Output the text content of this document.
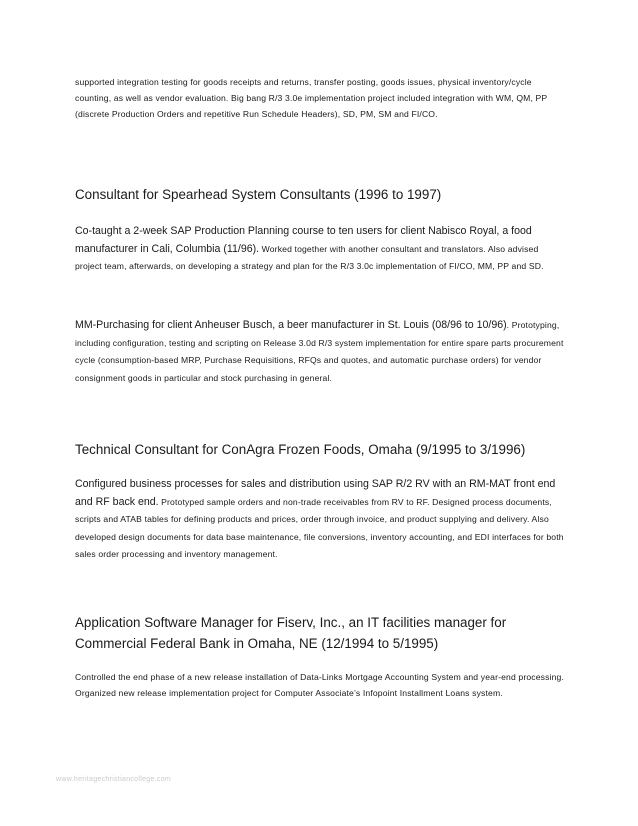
supported integration testing for goods receipts and returns, transfer posting, goods issues, physical inventory/cycle counting, as well as vendor evaluation. Big bang R/3 3.0e implementation project included integration with WM, QM, PP (discrete Production Orders and repetitive Run Schedule Headers), SD, PM, SM and FI/CO.

Consultant for Spearhead System Consultants (1996 to 1997)

Co-taught a 2-week SAP Production Planning course to ten users for client Nabisco Royal, a food manufacturer in Cali, Columbia (11/96). Worked together with another consultant and translators. Also advised project team, afterwards, on developing a strategy and plan for the R/3 3.0c implementation of FI/CO, MM, PP and SD.

MM-Purchasing for client Anheuser Busch, a beer manufacturer in St. Louis (08/96 to 10/96). Prototyping, including configuration, testing and scripting on Release 3.0d R/3 system implementation for entire spare parts procurement cycle (consumption-based MRP, Purchase Requisitions, RFQs and quotes, and automatic purchase orders) for vendor consignment goods in particular and stock purchasing in general.

Technical Consultant for ConAgra Frozen Foods, Omaha (9/1995 to 3/1996)

Configured business processes for sales and distribution using SAP R/2 RV with an RM-MAT front end and RF back end. Prototyped sample orders and non-trade receivables from RV to RF. Designed process documents, scripts and ATAB tables for defining products and prices, order through invoice, and product supplying and delivery. Also developed design documents for data base maintenance, file conversions, inventory accounting, and EDI interfaces for both sales order processing and inventory management.

Application Software Manager for Fiserv, Inc., an IT facilities manager for Commercial Federal Bank in Omaha, NE (12/1994 to 5/1995)

Controlled the end phase of a new release installation of Data-Links Mortgage Accounting System and year-end processing. Organized new release implementation project for Computer Associate’s Infopoint Installment Loans system.

www.heritagechristiancollege.com
